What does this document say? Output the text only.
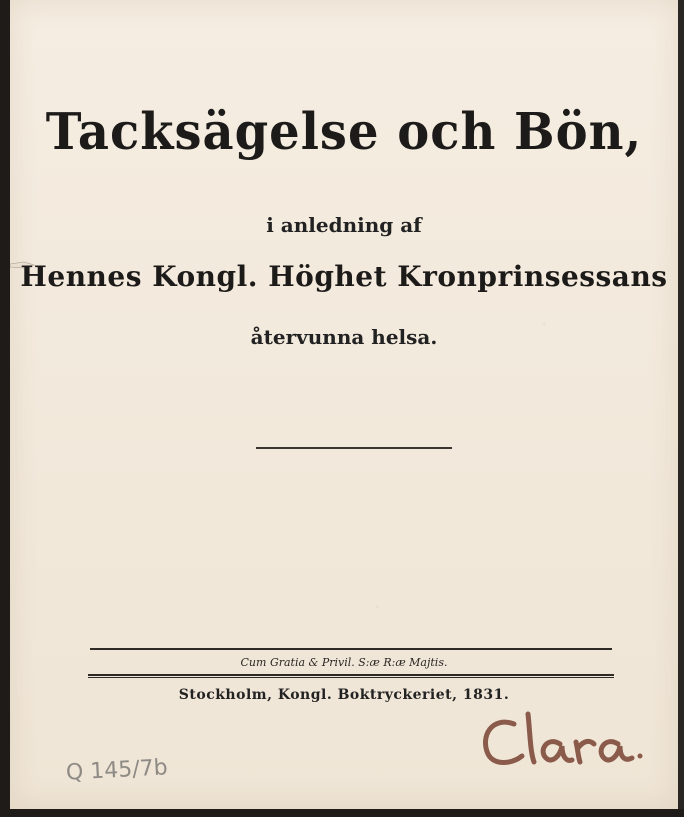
Tacksägelse och Bön,
i anledning af
Hennes Kongl. Höghet Kronprinsessans
återvunna helsa.
Cum Gratia & Privil. S:æ R:æ Majtis.
Stockholm, Kongl. Boktryckeriet, 1831.
Q 145/7b
